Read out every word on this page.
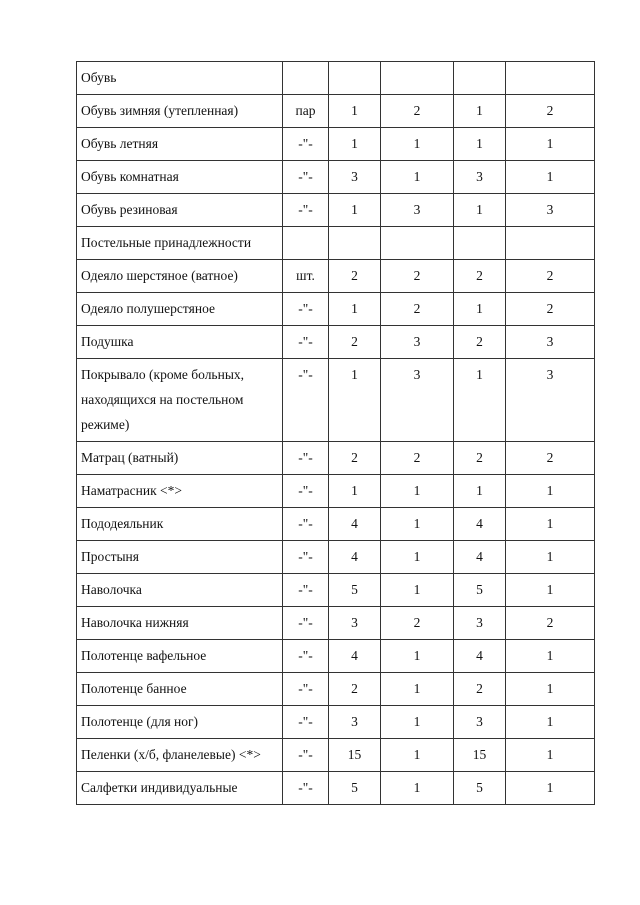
Обувь					
Обувь зимняя (утепленная)	пар	1	2	1	2
Обувь летняя	-"-	1	1	1	1
Обувь комнатная	-"-	3	1	3	1
Обувь резиновая	-"-	1	3	1	3
Постельные принадлежности					
Одеяло шерстяное (ватное)	шт.	2	2	2	2
Одеяло полушерстяное	-"-	1	2	1	2
Подушка	-"-	2	3	2	3
Покрывало (кроме больных, находящихся на постельном режиме)	-"-	1	3	1	3
Матрац (ватный)	-"-	2	2	2	2
Наматрасник <*>	-"-	1	1	1	1
Пододеяльник	-"-	4	1	4	1
Простыня	-"-	4	1	4	1
Наволочка	-"-	5	1	5	1
Наволочка нижняя	-"-	3	2	3	2
Полотенце вафельное	-"-	4	1	4	1
Полотенце банное	-"-	2	1	2	1
Полотенце (для ног)	-"-	3	1	3	1
Пеленки (х/б, фланелевые) <*>	-"-	15	1	15	1
Салфетки индивидуальные	-"-	5	1	5	1
